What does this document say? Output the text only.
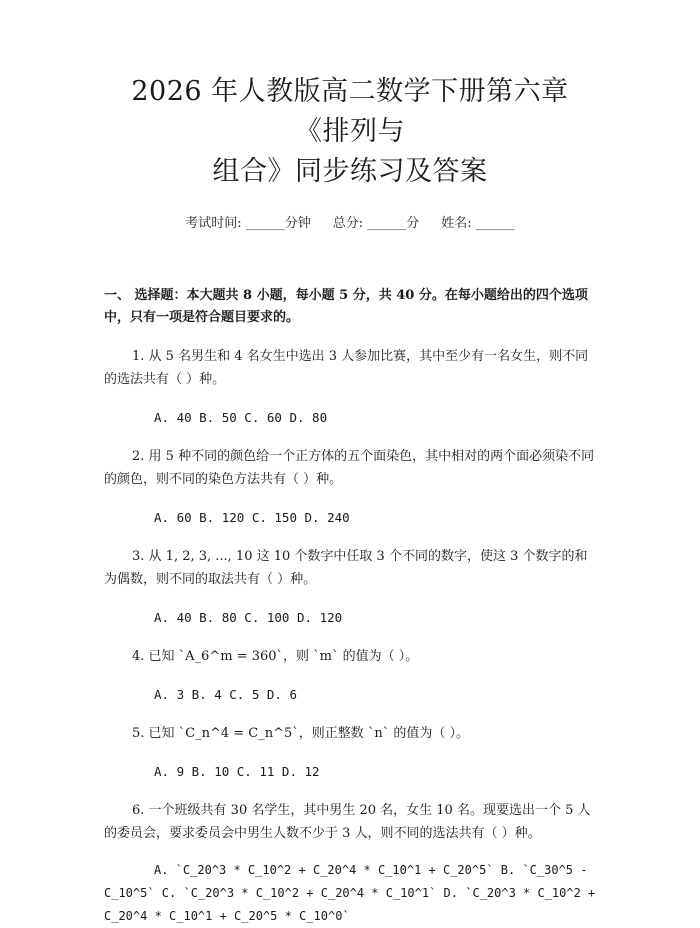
2026 年人教版高二数学下册第六章《排列与
组合》同步练习及答案
考试时间: ______分钟 总分: ______分 姓名: ______
一、 选择题：本大题共 8 小题，每小题 5 分，共 40 分。在每小题给出的四个选项中，只有一项是符合题目要求的。
1. 从 5 名男生和 4 名女生中选出 3 人参加比赛，其中至少有一名女生，则不同的选法共有（ ）种。
A. 40 B. 50 C. 60 D. 80
2. 用 5 种不同的颜色给一个正方体的五个面染色，其中相对的两个面必须染不同的颜色，则不同的染色方法共有（ ）种。
A. 60 B. 120 C. 150 D. 240
3. 从 1, 2, 3, ..., 10 这 10 个数字中任取 3 个不同的数字，使这 3 个数字的和为偶数，则不同的取法共有（ ）种。
A. 40 B. 80 C. 100 D. 120
4. 已知 `A_6^m = 360`，则 `m` 的值为（ ）。
A. 3 B. 4 C. 5 D. 6
5. 已知 `C_n^4 = C_n^5`，则正整数 `n` 的值为（ ）。
A. 9 B. 10 C. 11 D. 12
6. 一个班级共有 30 名学生，其中男生 20 名，女生 10 名。现要选出一个 5 人的委员会，要求委员会中男生人数不少于 3 人，则不同的选法共有（ ）种。
A. `C_20^3 * C_10^2 + C_20^4 * C_10^1 + C_20^5` B. `C_30^5 - C_10^5` C. `C_20^3 * C_10^2 + C_20^4 * C_10^1` D. `C_20^3 * C_10^2 + C_20^4 * C_10^1 + C_20^5 * C_10^0`
